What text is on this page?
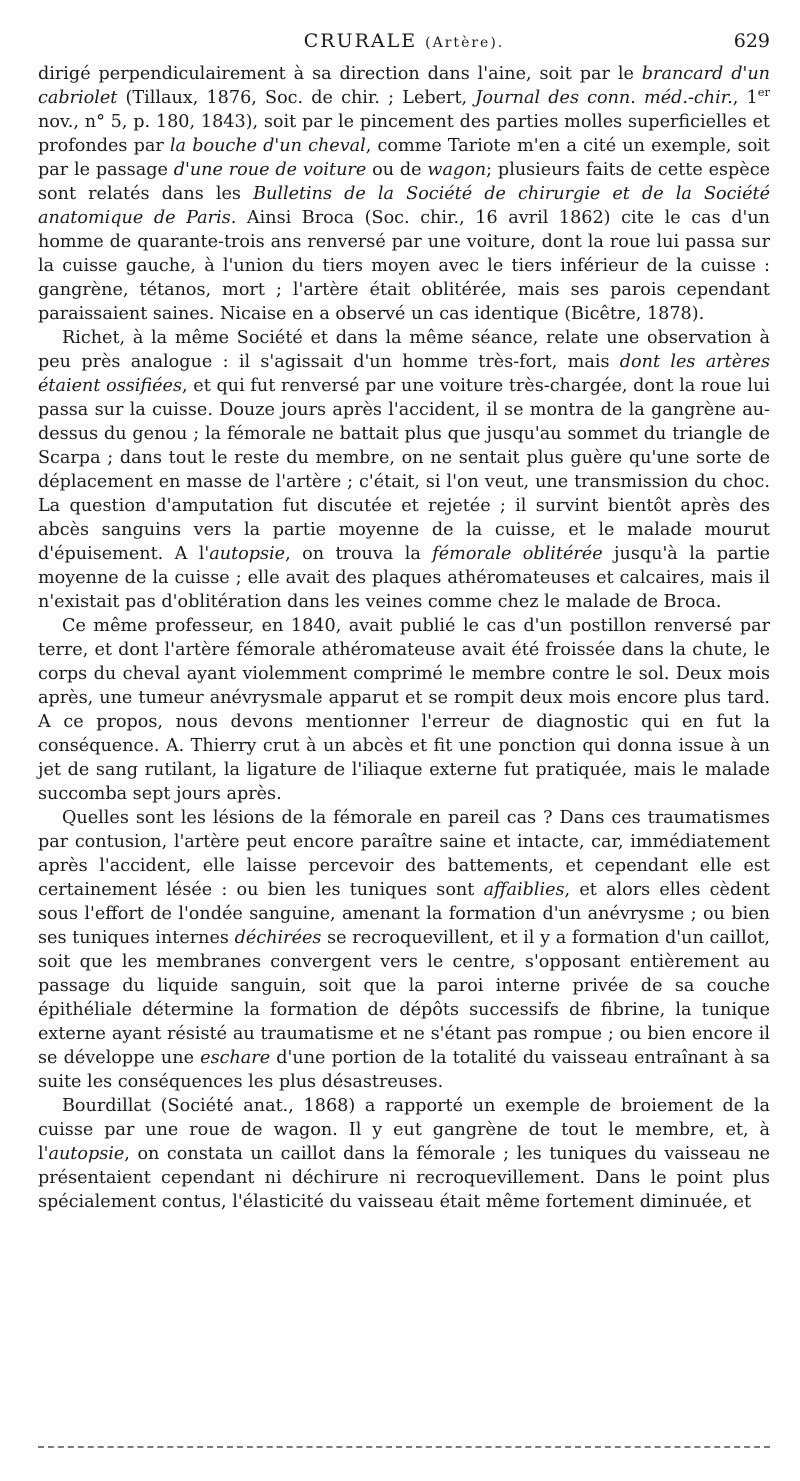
CRURALE (Artère).	629

dirigé perpendiculairement à sa direction dans l'aine, soit par le brancard d'un cabriolet (Tillaux, 1876, Soc. de chir. ; Lebert, Journal des conn. méd.-chir., 1er nov., n° 5, p. 180, 1843), soit par le pincement des parties molles superficielles et profondes par la bouche d'un cheval, comme Tariote m'en a cité un exemple, soit par le passage d'une roue de voiture ou de wagon; plusieurs faits de cette espèce sont relatés dans les Bulletins de la Société de chirurgie et de la Société anatomique de Paris. Ainsi Broca (Soc. chir., 16 avril 1862) cite le cas d'un homme de quarante-trois ans renversé par une voiture, dont la roue lui passa sur la cuisse gauche, à l'union du tiers moyen avec le tiers inférieur de la cuisse : gangrène, tétanos, mort ; l'artère était oblitérée, mais ses parois cependant paraissaient saines. Nicaise en a observé un cas identique (Bicêtre, 1878).

Richet, à la même Société et dans la même séance, relate une observation à peu près analogue : il s'agissait d'un homme très-fort, mais dont les artères étaient ossifiées, et qui fut renversé par une voiture très-chargée, dont la roue lui passa sur la cuisse. Douze jours après l'accident, il se montra de la gangrène au-dessus du genou ; la fémorale ne battait plus que jusqu'au sommet du triangle de Scarpa ; dans tout le reste du membre, on ne sentait plus guère qu'une sorte de déplacement en masse de l'artère ; c'était, si l'on veut, une transmission du choc. La question d'amputation fut discutée et rejetée ; il survint bientôt après des abcès sanguins vers la partie moyenne de la cuisse, et le malade mourut d'épuisement. A l'autopsie, on trouva la fémorale oblitérée jusqu'à la partie moyenne de la cuisse ; elle avait des plaques athéromateuses et calcaires, mais il n'existait pas d'oblitération dans les veines comme chez le malade de Broca.

Ce même professeur, en 1840, avait publié le cas d'un postillon renversé par terre, et dont l'artère fémorale athéromateuse avait été froissée dans la chute, le corps du cheval ayant violemment comprimé le membre contre le sol. Deux mois après, une tumeur anévrysmale apparut et se rompit deux mois encore plus tard. A ce propos, nous devons mentionner l'erreur de diagnostic qui en fut la conséquence. A. Thierry crut à un abcès et fit une ponction qui donna issue à un jet de sang rutilant, la ligature de l'iliaque externe fut pratiquée, mais le malade succomba sept jours après.

Quelles sont les lésions de la fémorale en pareil cas ? Dans ces traumatismes par contusion, l'artère peut encore paraître saine et intacte, car, immédiatement après l'accident, elle laisse percevoir des battements, et cependant elle est certainement lésée : ou bien les tuniques sont affaiblies, et alors elles cèdent sous l'effort de l'ondée sanguine, amenant la formation d'un anévrysme ; ou bien ses tuniques internes déchirées se recroquevillent, et il y a formation d'un caillot, soit que les membranes convergent vers le centre, s'opposant entièrement au passage du liquide sanguin, soit que la paroi interne privée de sa couche épithéliale détermine la formation de dépôts successifs de fibrine, la tunique externe ayant résisté au traumatisme et ne s'étant pas rompue ; ou bien encore il se développe une eschare d'une portion de la totalité du vaisseau entraînant à sa suite les conséquences les plus désastreuses.

Bourdillat (Société anat., 1868) a rapporté un exemple de broiement de la cuisse par une roue de wagon. Il y eut gangrène de tout le membre, et, à l'autopsie, on constata un caillot dans la fémorale ; les tuniques du vaisseau ne présentaient cependant ni déchirure ni recroquevillement. Dans le point plus spécialement contus, l'élasticité du vaisseau était même fortement diminuée, et
